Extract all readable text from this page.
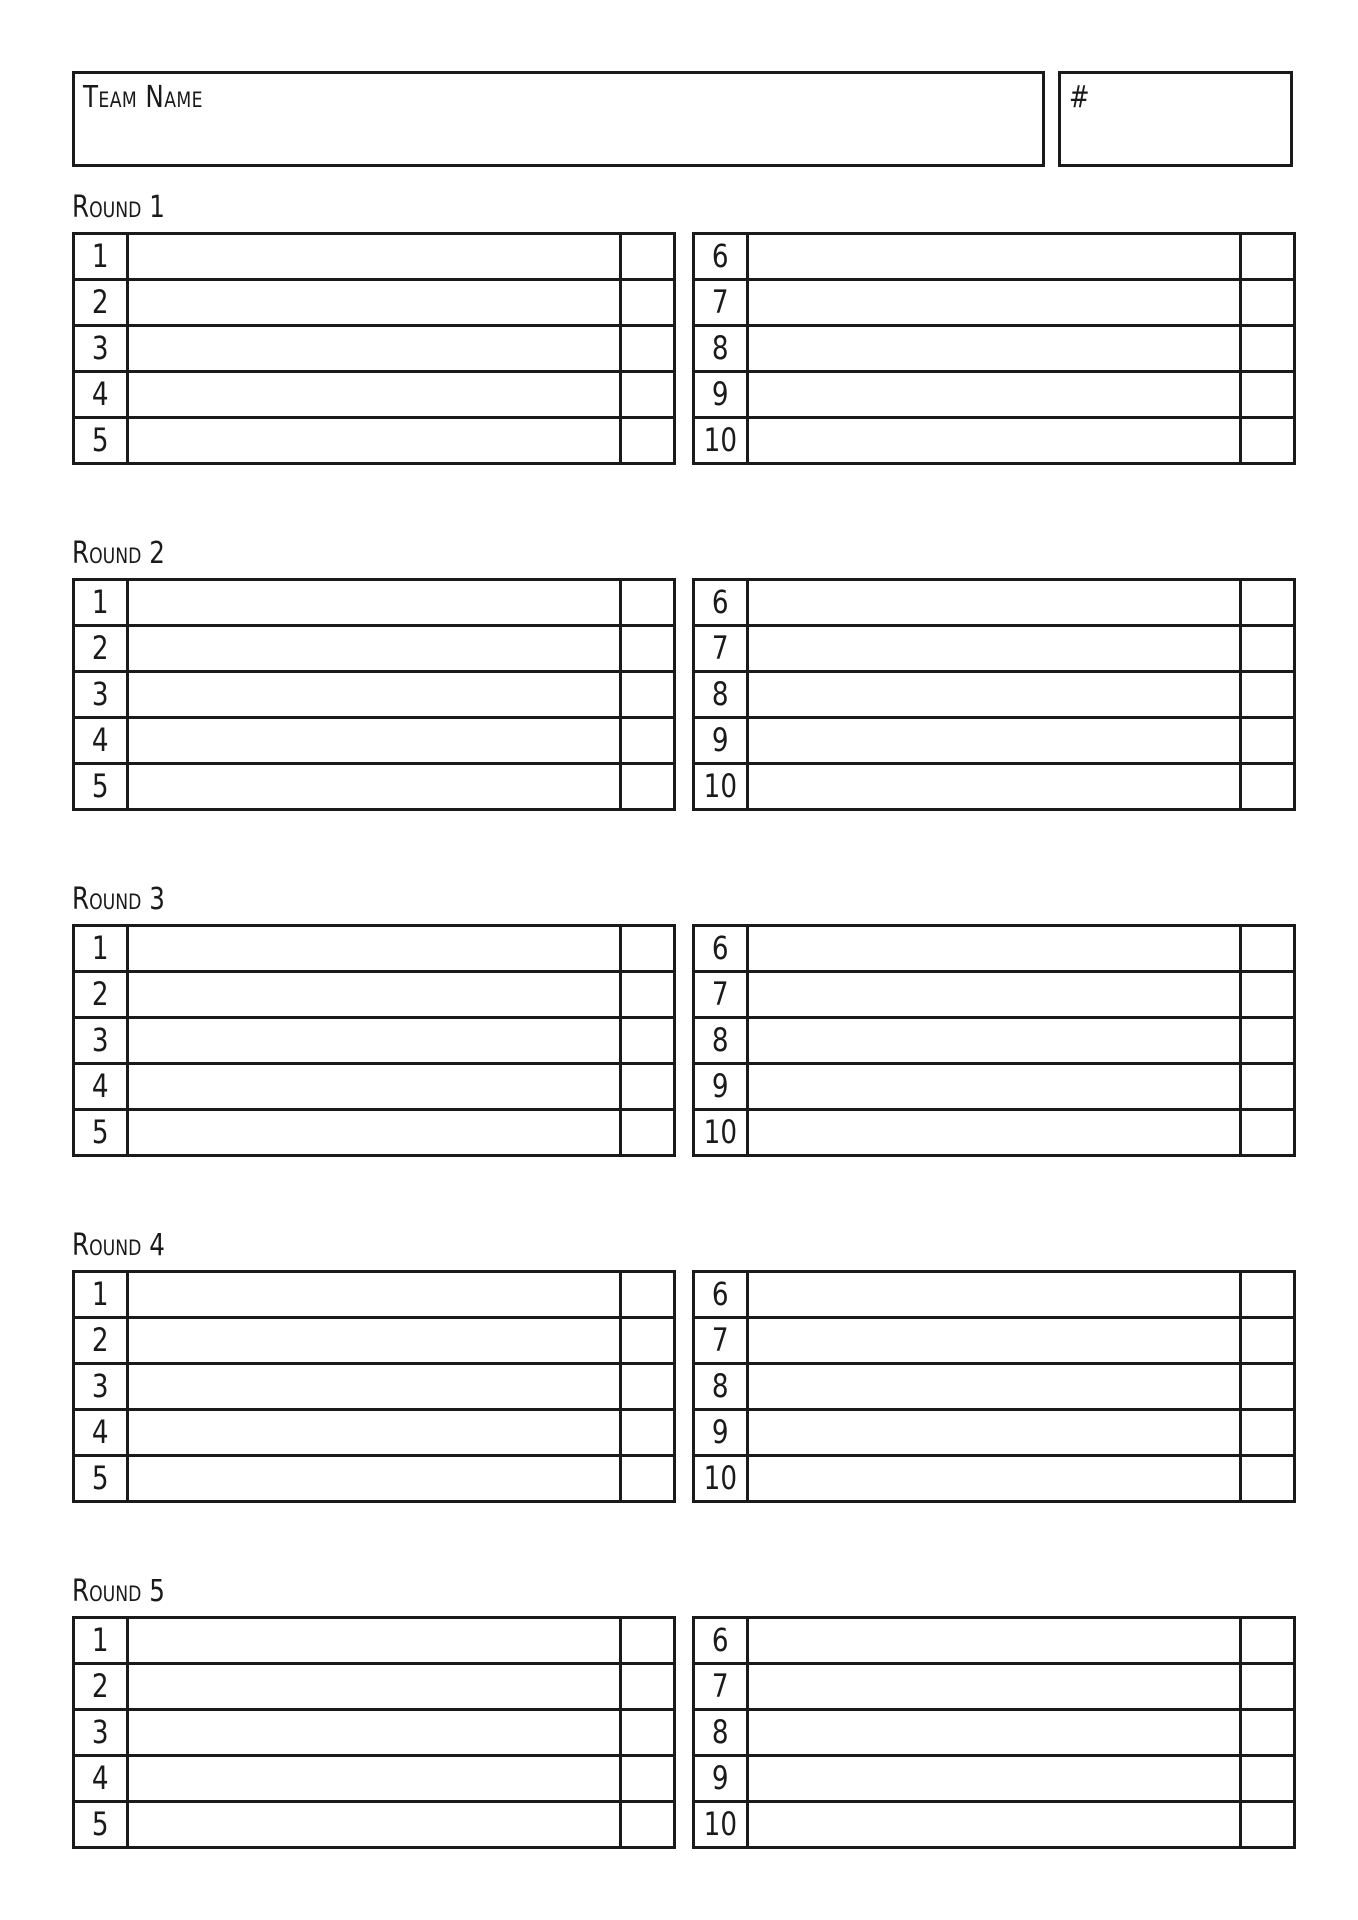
Team Name	#
Round 1
1		
2		
3		
4		
5		
6		
7		
8		
9		
10		
Round 2
1		
2		
3		
4		
5		
6		
7		
8		
9		
10		
Round 3
1		
2		
3		
4		
5		
6		
7		
8		
9		
10		
Round 4
1		
2		
3		
4		
5		
6		
7		
8		
9		
10		
Round 5
1		
2		
3		
4		
5		
6		
7		
8		
9		
10		
